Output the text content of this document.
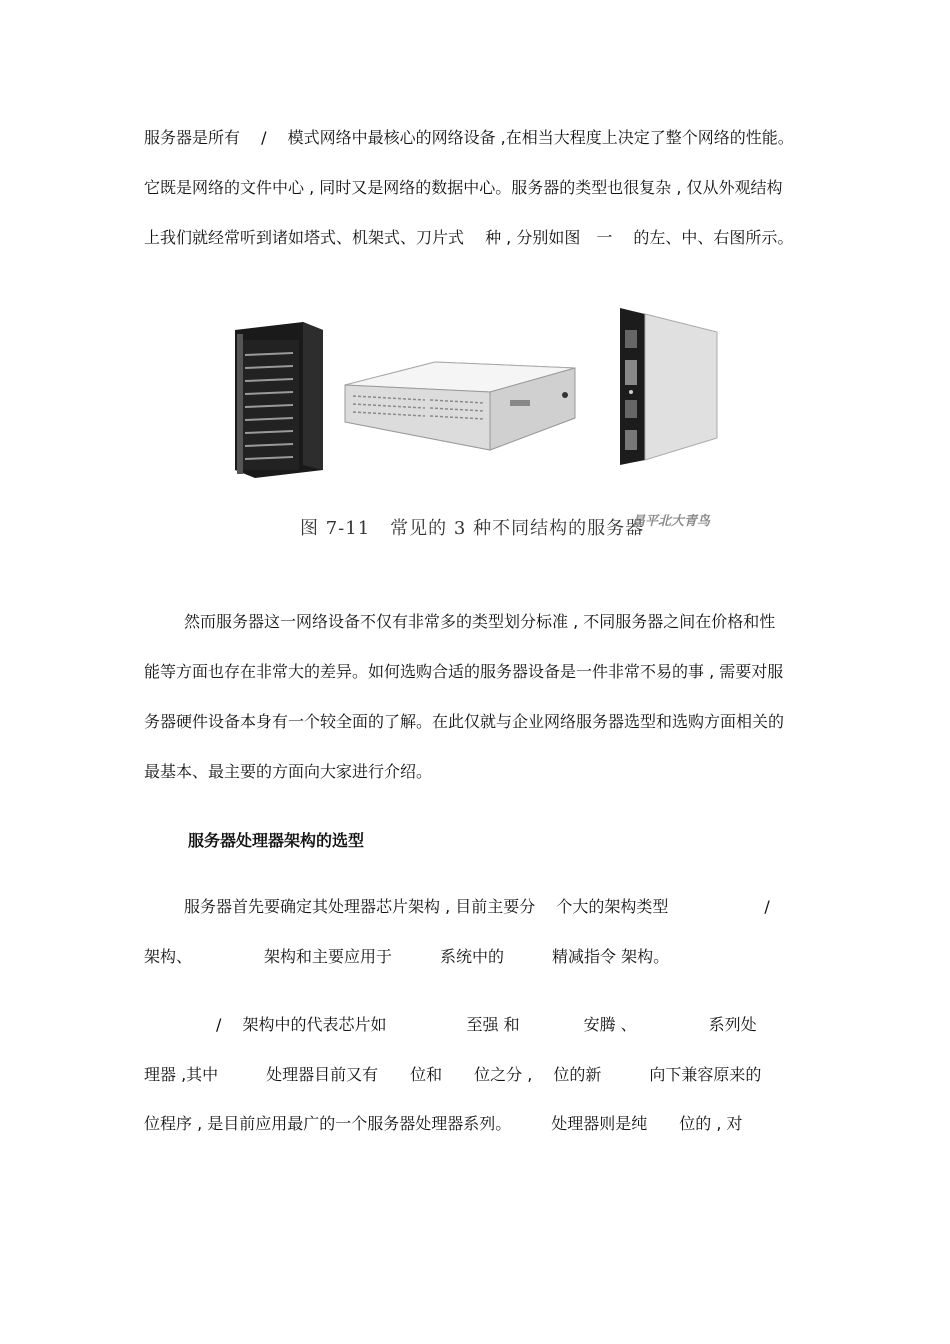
服务器是所有　 /　 模式网络中最核心的网络设备 ,在相当大程度上决定了整个网络的性能。
它既是网络的文件中心 , 同时又是网络的数据中心。服务器的类型也很复杂 , 仅从外观结构
上我们就经常听到诸如塔式、机架式、刀片式　 种 , 分别如图　一　 的左、中、右图所示。
图 7-11 常见的 3 种不同结构的服务器
昌平北大青鸟
然而服务器这一网络设备不仅有非常多的类型划分标准 , 不同服务器之间在价格和性
能等方面也存在非常大的差异。如何选购合适的服务器设备是一件非常不易的事 , 需要对服
务器硬件设备本身有一个较全面的了解。在此仅就与企业网络服务器选型和选购方面相关的
最基本、最主要的方面向大家进行介绍。
服务器处理器架构的选型
服务器首先要确定其处理器芯片架构 , 目前主要分　 个大的架构类型　　　　　　/
架构、　　　　　架构和主要应用于　　　系统中的　　　精减指令 架构。
　　/　 架构中的代表芯片如　　　　　至强 和　　　　安腾 、　　　　　系列处
理器 ,其中　　　处理器目前又有　　位和　　位之分 ,　 位的新　　　向下兼容原来的
位程序 , 是目前应用最广的一个服务器处理器系列。　　　处理器则是纯　　位的 , 对
